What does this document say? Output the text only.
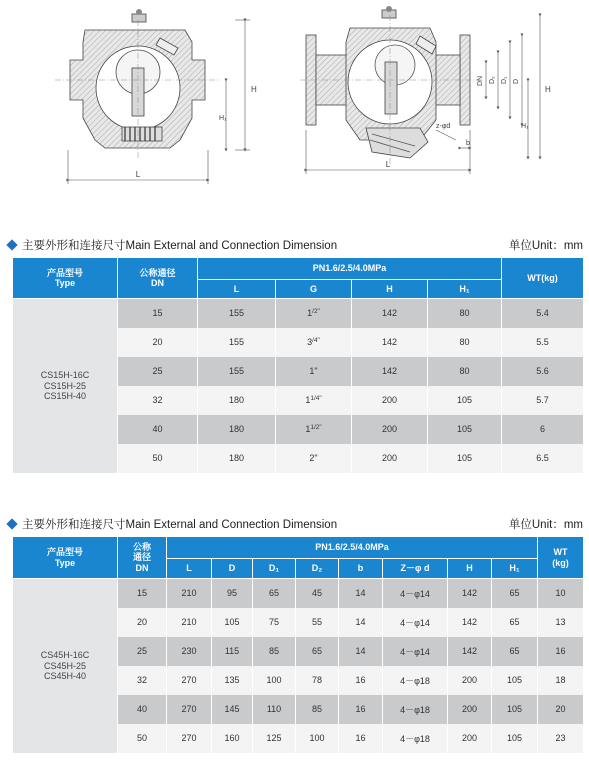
L
H
H₁
L
H
H₁
D
D₁
D₂
DN
b
z-φd
主要外形和连接尺寸Main External and Connection Dimension	单位Unit：mm
产品型号
Type	公称通径
DN	PN1.6/2.5/4.0MPa				WT(kg)
		L	G	H	H₁	

CS15H-16C
CS15H-25
CS15H-40	15	155	$1^{/2"}$	142	80	5.4
	20	155	$3^{/4"}$	142	80	5.5
	25	155	1"	142	80	5.6
	32	180	$1^{1/4"}$	200	105	5.7
	40	180	$1^{1/2"}$	200	105	6
	50	180	2"	200	105	6.5
主要外形和连接尺寸Main External and Connection Dimension	单位Unit：mm
产品型号
Type	公称
通径
DN	PN1.6/2.5/4.0MPa								WT
(kg)
		L	D	D₁	D₂	b	Z－φ d	H	H₁	

CS45H-16C
CS45H-25
CS45H-40	15	210	95	65	45	14	4－φ14	142	65	10
	20	210	105	75	55	14	4－φ14	142	65	13
	25	230	115	85	65	14	4－φ14	142	65	16
	32	270	135	100	78	16	4－φ18	200	105	18
	40	270	145	110	85	16	4－φ18	200	105	20
	50	270	160	125	100	16	4－φ18	200	105	23
